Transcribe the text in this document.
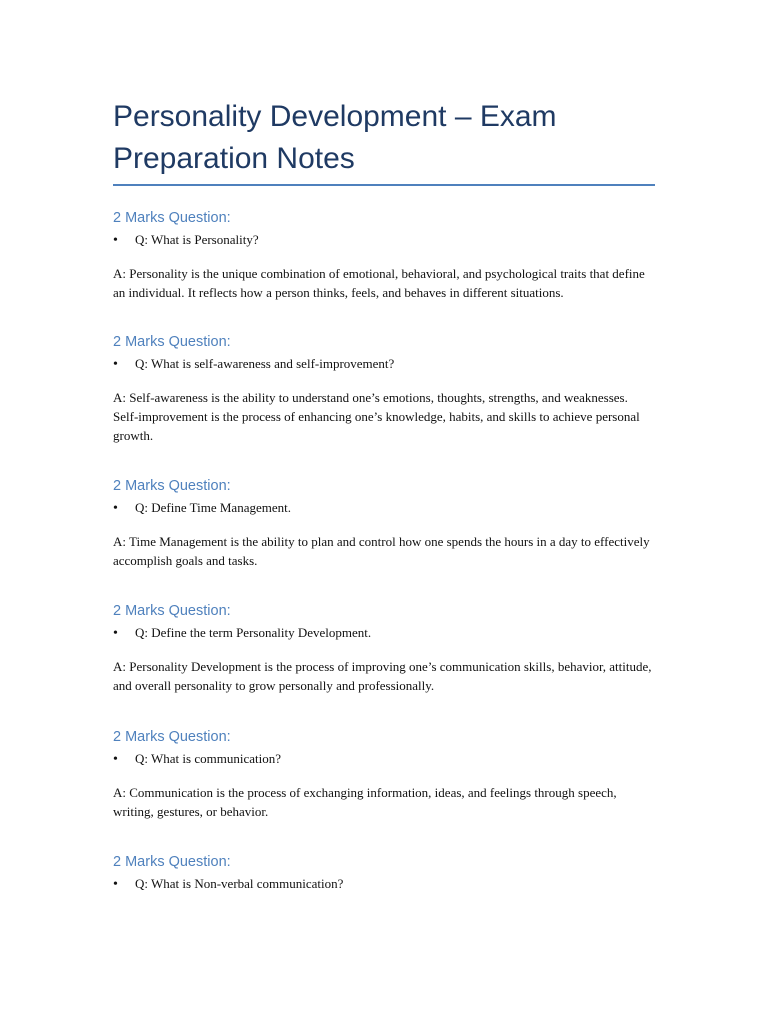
Personality Development – Exam Preparation Notes
2 Marks Question:
•	Q: What is Personality?

A: Personality is the unique combination of emotional, behavioral, and psychological traits that define an individual. It reflects how a person thinks, feels, and behaves in different situations.

2 Marks Question:
•	Q: What is self-awareness and self-improvement?

A: Self-awareness is the ability to understand one’s emotions, thoughts, strengths, and weaknesses.
Self-improvement is the process of enhancing one’s knowledge, habits, and skills to achieve personal growth.

2 Marks Question:
•	Q: Define Time Management.

A: Time Management is the ability to plan and control how one spends the hours in a day to effectively accomplish goals and tasks.

2 Marks Question:
•	Q: Define the term Personality Development.

A: Personality Development is the process of improving one’s communication skills, behavior, attitude, and overall personality to grow personally and professionally.

2 Marks Question:
•	Q: What is communication?

A: Communication is the process of exchanging information, ideas, and feelings through speech, writing, gestures, or behavior.

2 Marks Question:
•	Q: What is Non-verbal communication?
